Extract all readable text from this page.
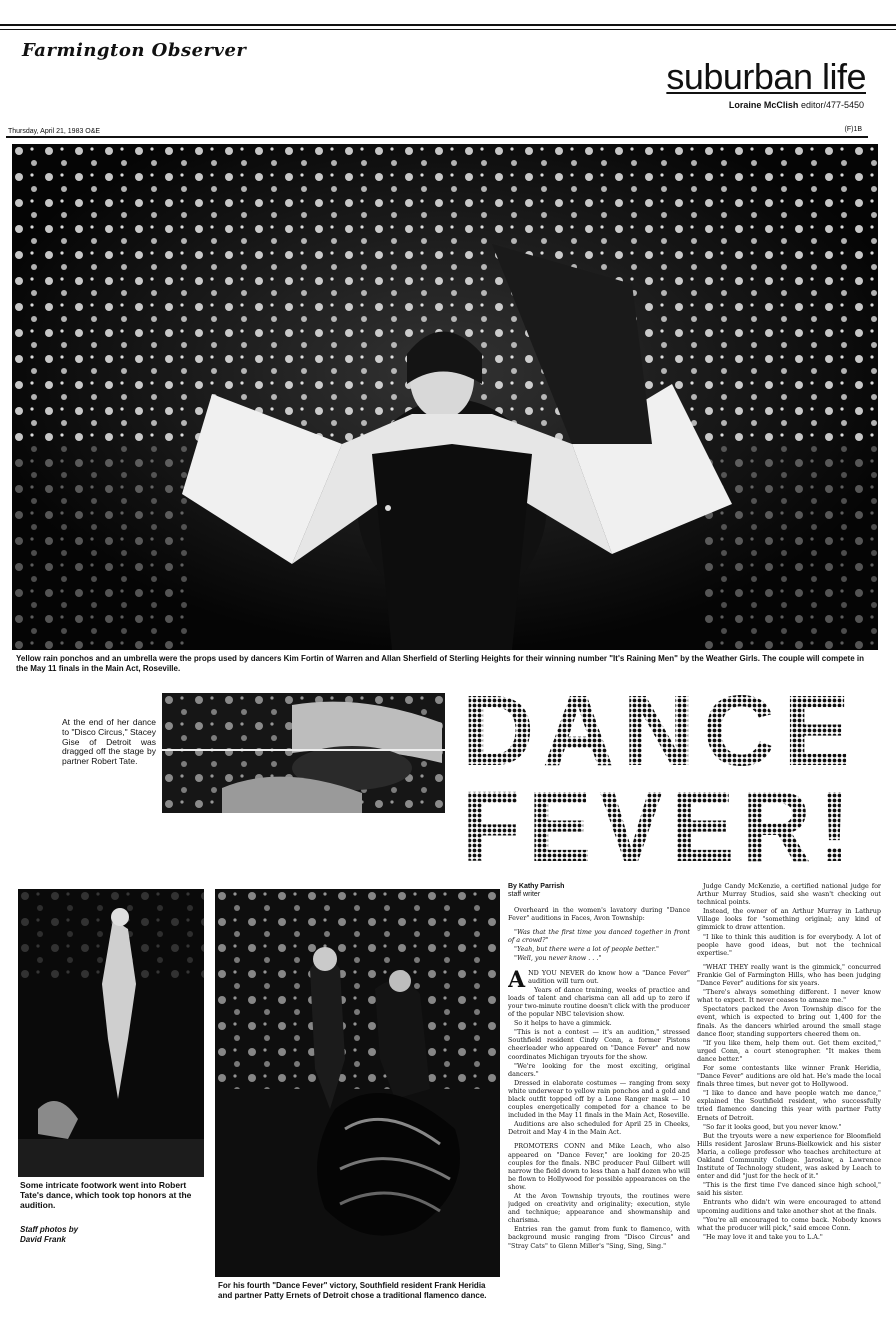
Farmington Observer
suburban life
Loraine McClish editor/477-5450
Thursday, April 21, 1983 O&E	(F)1B
Yellow rain ponchos and an umbrella were the props used by dancers Kim Fortin of Warren and Allan Sherfield of Sterling Heights for their winning number "It's Raining Men" by the Weather Girls. The couple will compete in the May 11 finals in the Main Act, Roseville.
At the end of her dance to "Disco Circus," Stacey Gise of Detroit was dragged off the stage by partner Robert Tate.	DANCE
FEVER!
Some intricate footwork went into Robert Tate's dance, which took top honors at the audition.
Staff photos by
David Frank
For his fourth "Dance Fever" victory, Southfield resident Frank Heridia and partner Patty Ernets of Detroit chose a traditional flamenco dance.
By Kathy Parrish
staff writer

Overheard in the women's lavatory during "Dance Fever" auditions in Faces, Avon Township:

"Was that the first time you danced together in front of a crowd?"

"Yeah, but there were a lot of people better."

"Well, you never know . . ."

AND YOU NEVER do know how a "Dance Fever" audition will turn out.

Years of dance training, weeks of practice and loads of talent and charisma can all add up to zero if your two-minute routine doesn't click with the producer of the popular NBC television show.

So it helps to have a gimmick.

"This is not a contest — it's an audition," stressed Southfield resident Cindy Conn, a former Pistons cheerleader who appeared on "Dance Fever" and now coordinates Michigan tryouts for the show.

"We're looking for the most exciting, original dancers."

Dressed in elaborate costumes — ranging from sexy white underwear to yellow rain ponchos and a gold and black outfit topped off by a Lone Ranger mask — 10 couples energetically competed for a chance to be included in the May 11 finals in the Main Act, Roseville.

Auditions are also scheduled for April 25 in Cheeks, Detroit and May 4 in the Main Act.

PROMOTERS CONN and Mike Leach, who also appeared on "Dance Fever," are looking for 20-25 couples for the finals. NBC producer Paul Gilbert will narrow the field down to less than a half dozen who will be flown to Hollywood for possible appearances on the show.

At the Avon Township tryouts, the routines were judged on creativity and originality; execution, style and technique; appearance and showmanship and charisma.

Entries ran the gamut from funk to flamenco, with background music ranging from "Disco Circus" and "Stray Cats" to Glenn Miller's "Sing, Sing, Sing."

Judge Candy McKenzie, a certified national judge for Arthur Murray Studios, said she wasn't checking out technical points.

Instead, the owner of an Arthur Murray in Lathrup Village looks for "something original; any kind of gimmick to draw attention.

"I like to think this audition is for everybody. A lot of people have good ideas, but not the technical expertise."

"WHAT THEY really want is the gimmick," concurred Frankie Gel of Farmington Hills, who has been judging "Dance Fever" auditions for six years.

"There's always something different. I never know what to expect. It never ceases to amaze me."

Spectators packed the Avon Township disco for the event, which is expected to bring out 1,400 for the finals. As the dancers whirled around the small stage dance floor, standing supporters cheered them on.

"If you like them, help them out. Get them excited," urged Conn, a court stenographer. "It makes them dance better."

For some contestants like winner Frank Heridia, "Dance Fever" auditions are old hat. He's made the local finals three times, but never got to Hollywood.

"I like to dance and have people watch me dance," explained the Southfield resident, who successfully tried flamenco dancing this year with partner Patty Ernets of Detroit.

"So far it looks good, but you never know."

But the tryouts were a new experience for Bloomfield Hills resident Jaroslaw Bruns-Bielkowick and his sister Maria, a college professor who teaches architecture at Oakland Community College. Jaroslaw, a Lawrence Institute of Technology student, was asked by Leach to enter and did "just for the heck of it."

"This is the first time I've danced since high school," said his sister.

Entrants who didn't win were encouraged to attend upcoming auditions and take another shot at the finals.

"You're all encouraged to come back. Nobody knows what the producer will pick," said emcee Conn.

"He may love it and take you to L.A."
